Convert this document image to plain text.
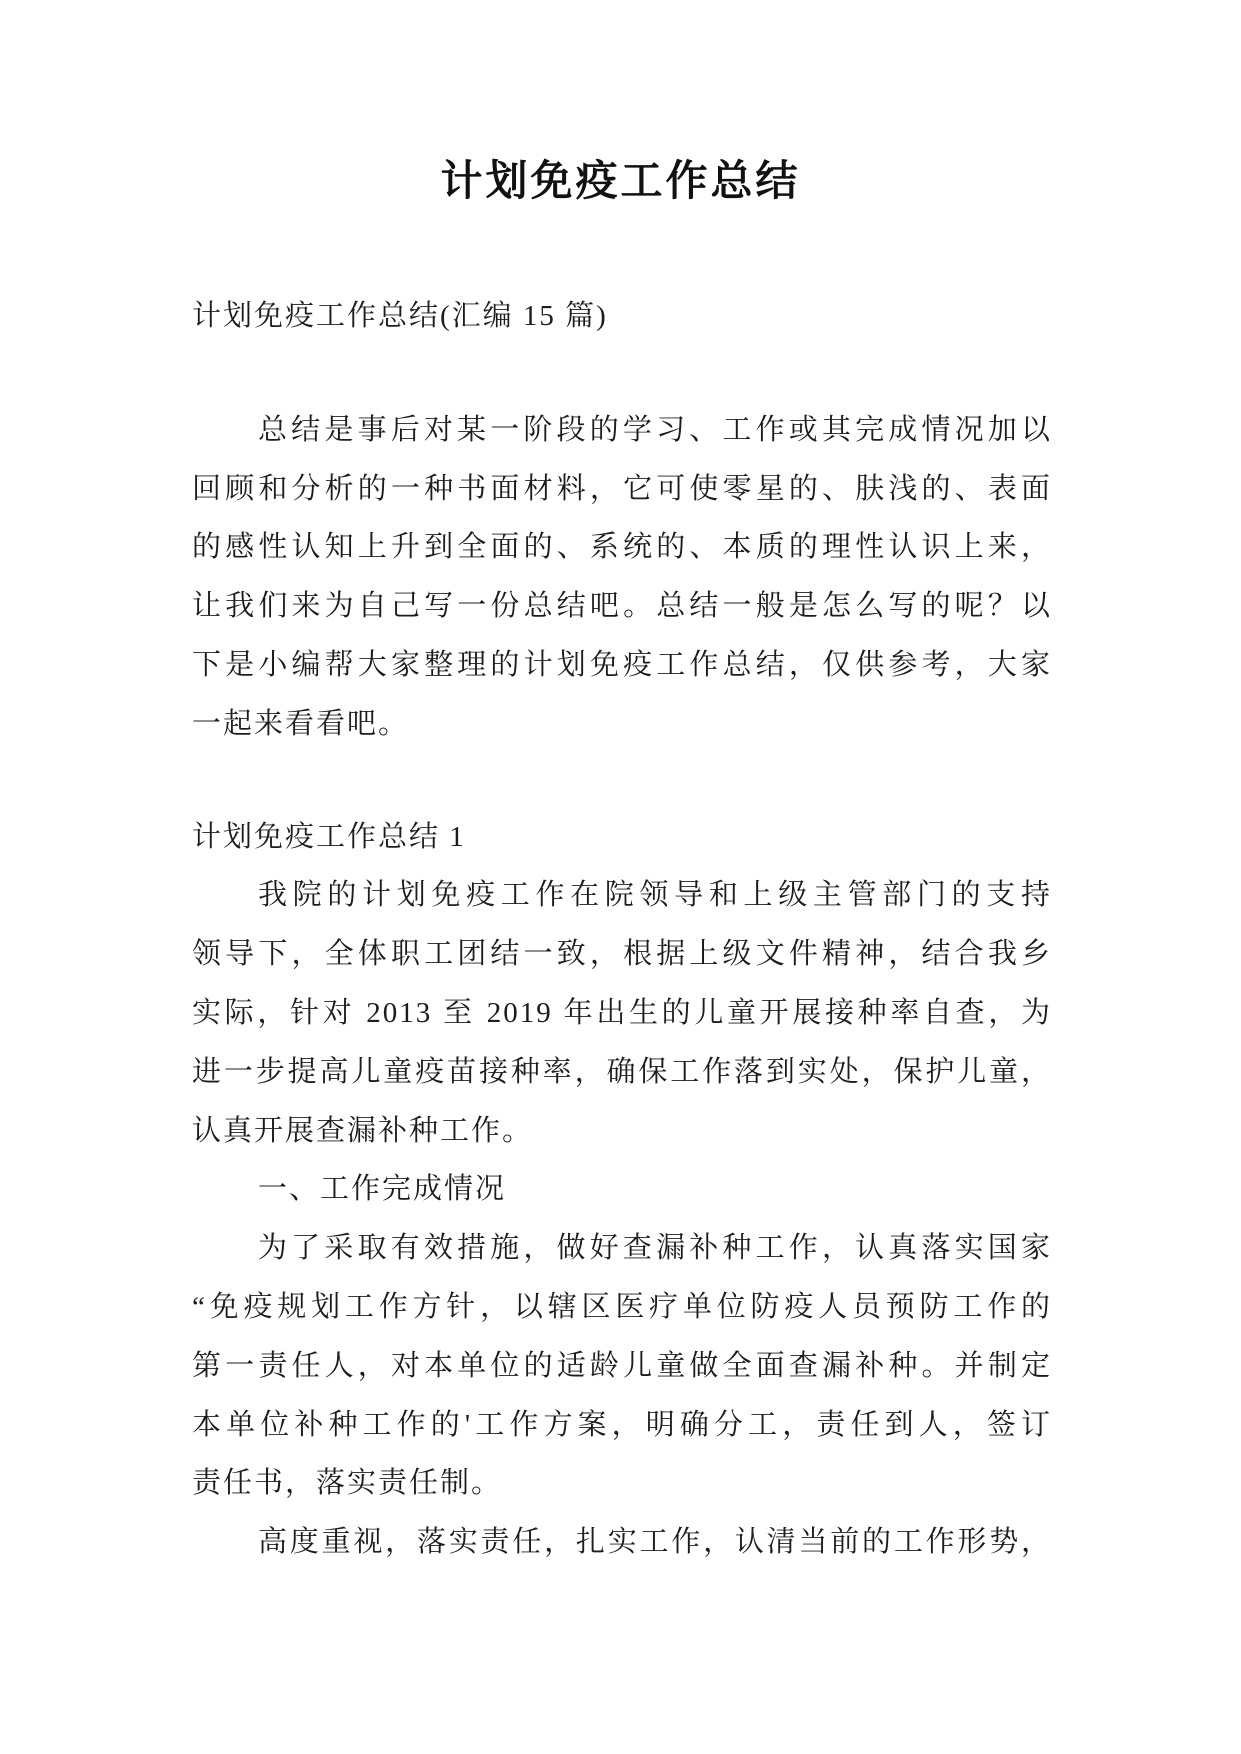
计划免疫工作总结
计划免疫工作总结(汇编 15 篇)
总结是事后对某一阶段的学习、工作或其完成情况加以
回顾和分析的一种书面材料，它可使零星的、肤浅的、表面
的感性认知上升到全面的、系统的、本质的理性认识上来，
让我们来为自己写一份总结吧。总结一般是怎么写的呢？以
下是小编帮大家整理的计划免疫工作总结，仅供参考，大家
一起来看看吧。
计划免疫工作总结 1
我院的计划免疫工作在院领导和上级主管部门的支持
领导下，全体职工团结一致，根据上级文件精神，结合我乡
实际，针对 2013 至 2019 年出生的儿童开展接种率自查，为
进一步提高儿童疫苗接种率，确保工作落到实处，保护儿童，
认真开展查漏补种工作。
一、工作完成情况
为了采取有效措施，做好查漏补种工作，认真落实国家
“免疫规划工作方针，以辖区医疗单位防疫人员预防工作的
第一责任人，对本单位的适龄儿童做全面查漏补种。并制定
本单位补种工作的'工作方案，明确分工，责任到人，签订
责任书，落实责任制。
高度重视，落实责任，扎实工作，认清当前的工作形势，
